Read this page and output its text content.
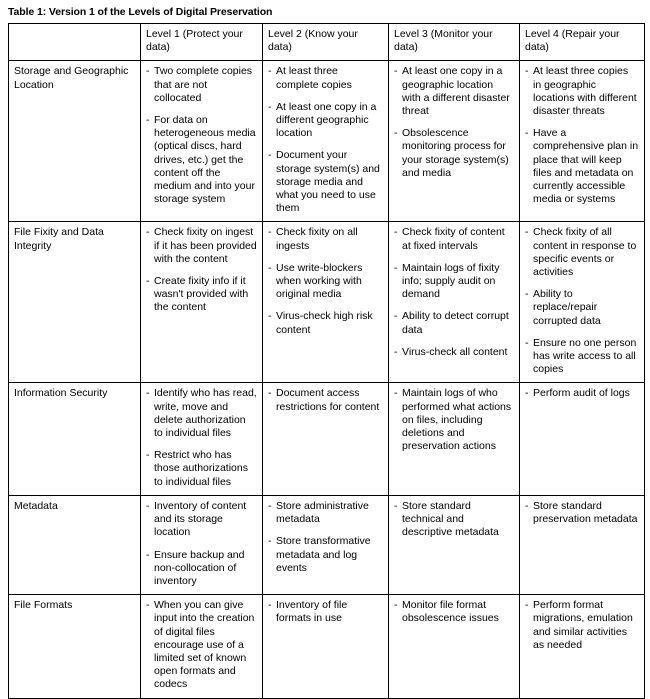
Table 1: Version 1 of the Levels of Digital Preservation

	Level 1 (Protect your data)	Level 2 (Know your data)	Level 3 (Monitor your data)	Level 4 (Repair your data)
Storage and Geographic Location	
- Two complete copies that are not collocated
- For data on heterogeneous media (optical discs, hard drives, etc.) get the content off the medium and into your storage system

- At least three complete copies
- At least one copy in a different geographic location
- Document your storage system(s) and storage media and what you need to use them

- At least one copy in a geographic location with a different disaster threat
- Obsolescence monitoring process for your storage system(s) and media

- At least three copies in geographic locations with different disaster threats
- Have a comprehensive plan in place that will keep files and metadata on currently accessible media or systems

File Fixity and Data Integrity	
- Check fixity on ingest if it has been provided with the content
- Create fixity info if it wasn't provided with the content

- Check fixity on all ingests
- Use write-blockers when working with original media
- Virus-check high risk content

- Check fixity of content at fixed intervals
- Maintain logs of fixity info; supply audit on demand
- Ability to detect corrupt data
- Virus-check all content

- Check fixity of all content in response to specific events or activities
- Ability to replace/repair corrupted data
- Ensure no one person has write access to all copies

Information Security	
-Identify who has read, write, move and delete authorization to individual files
- Restrict who has those authorizations to individual files

- Document access restrictions for content

- Maintain logs of who performed what actions on files, including deletions and preservation actions

- Perform audit of logs

Metadata	
-Inventory of content and its storage location
- Ensure backup and non-collocation of inventory

- Store administrative metadata
- Store transformative metadata and log events

- Store standard technical and descriptive metadata

- Store standard preservation metadata

File Formats	
-When you can give input into the creation of digital files encourage use of a limited set of known open formats and codecs

- Inventory of file formats in use

- Monitor file format obsolescence issues

- Perform format migrations, emulation and similar activities as needed
